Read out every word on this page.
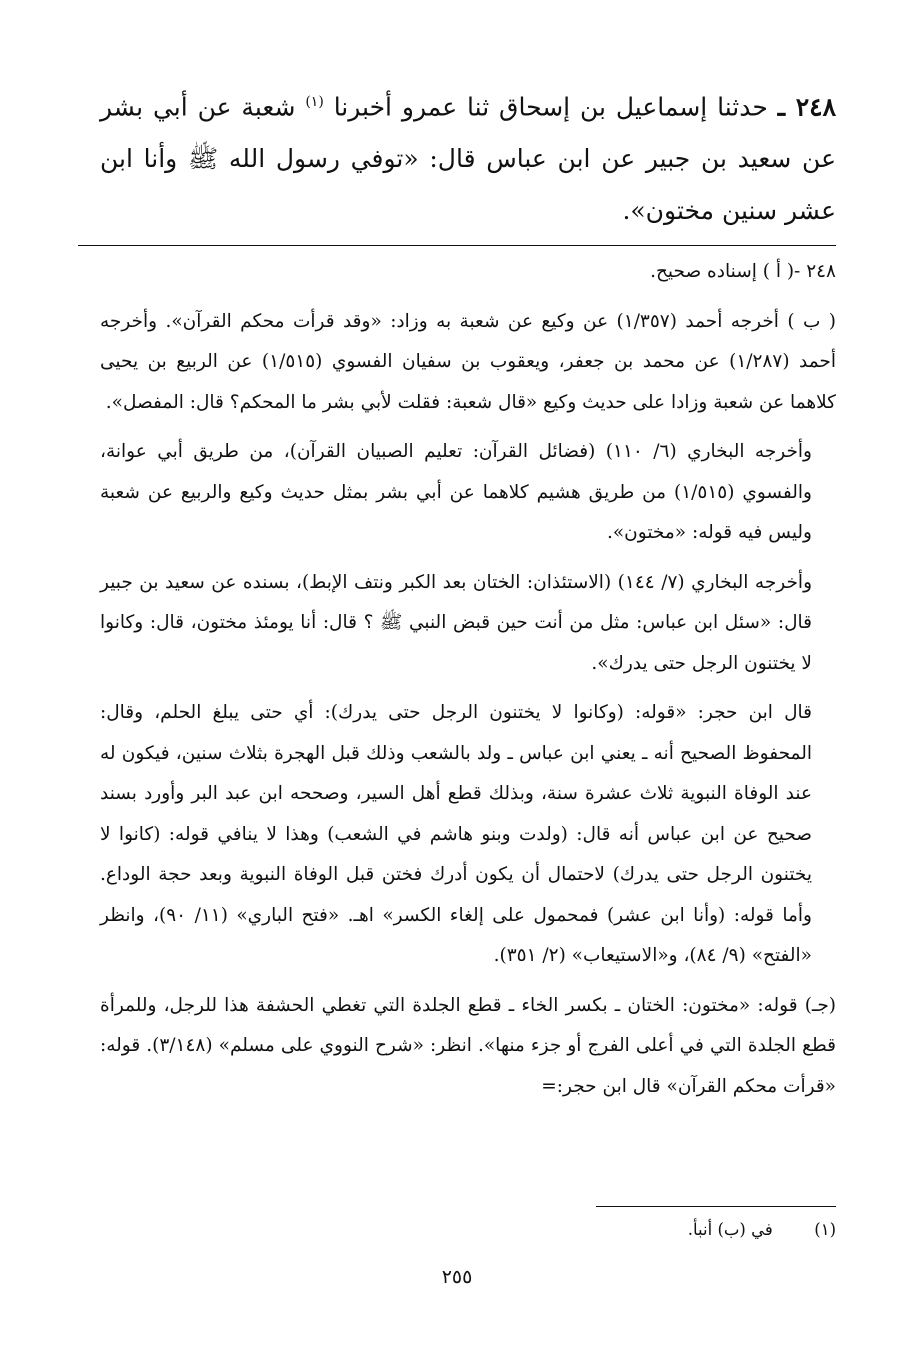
٢٤٨ ـ حدثنا إسماعيل بن إسحاق ثنا عمرو أخبرنا $^{(١)}$ شعبة عن أبي بشر عن سعيد بن جبير عن ابن عباس قال: «توفي رسول الله ﷺ وأنا ابن عشر سنين مختون».

٢٤٨ -( أ ) إسناده صحيح.

( ب ) أخرجه أحمد (١/٣٥٧) عن وكيع عن شعبة به وزاد: «وقد قرأت محكم القرآن». وأخرجه أحمد (١/٢٨٧) عن محمد بن جعفر، ويعقوب بن سفيان الفسوي (١/٥١٥) عن الربيع بن يحيى كلاهما عن شعبة وزادا على حديث وكيع «قال شعبة: فقلت لأبي بشر ما المحكم؟ قال: المفصل».

وأخرجه البخاري (٦/ ١١٠) (فضائل القرآن: تعليم الصبيان القرآن)، من طريق أبي عوانة، والفسوي (١/٥١٥) من طريق هشيم كلاهما عن أبي بشر بمثل حديث وكيع والربيع عن شعبة وليس فيه قوله: «مختون».

وأخرجه البخاري (٧/ ١٤٤) (الاستئذان: الختان بعد الكبر ونتف الإبط)، بسنده عن سعيد بن جبير قال: «سئل ابن عباس: مثل من أنت حين قبض النبي ﷺ ؟ قال: أنا يومئذ مختون، قال: وكانوا لا يختنون الرجل حتى يدرك».

قال ابن حجر: «قوله: (وكانوا لا يختنون الرجل حتى يدرك): أي حتى يبلغ الحلم، وقال: المحفوظ الصحيح أنه ـ يعني ابن عباس ـ ولد بالشعب وذلك قبل الهجرة بثلاث سنين، فيكون له عند الوفاة النبوية ثلاث عشرة سنة، وبذلك قطع أهل السير، وصححه ابن عبد البر وأورد بسند صحيح عن ابن عباس أنه قال: (ولدت وبنو هاشم في الشعب) وهذا لا ينافي قوله: (كانوا لا يختنون الرجل حتى يدرك) لاحتمال أن يكون أدرك فختن قبل الوفاة النبوية وبعد حجة الوداع. وأما قوله: (وأنا ابن عشر) فمحمول على إلغاء الكسر» اهـ. «فتح الباري» (١١/ ٩٠)، وانظر «الفتح» (٩/ ٨٤)، و«الاستيعاب» (٢/ ٣٥١).

(جـ) قوله: «مختون: الختان ـ بكسر الخاء ـ قطع الجلدة التي تغطي الحشفة هذا للرجل، وللمرأة قطع الجلدة التي في أعلى الفرج أو جزء منها». انظر: «شرح النووي على مسلم» (٣/١٤٨). قوله: «قرأت محكم القرآن» قال ابن حجر:=

(١) في (ب) أنبأ.
٢٥٥
